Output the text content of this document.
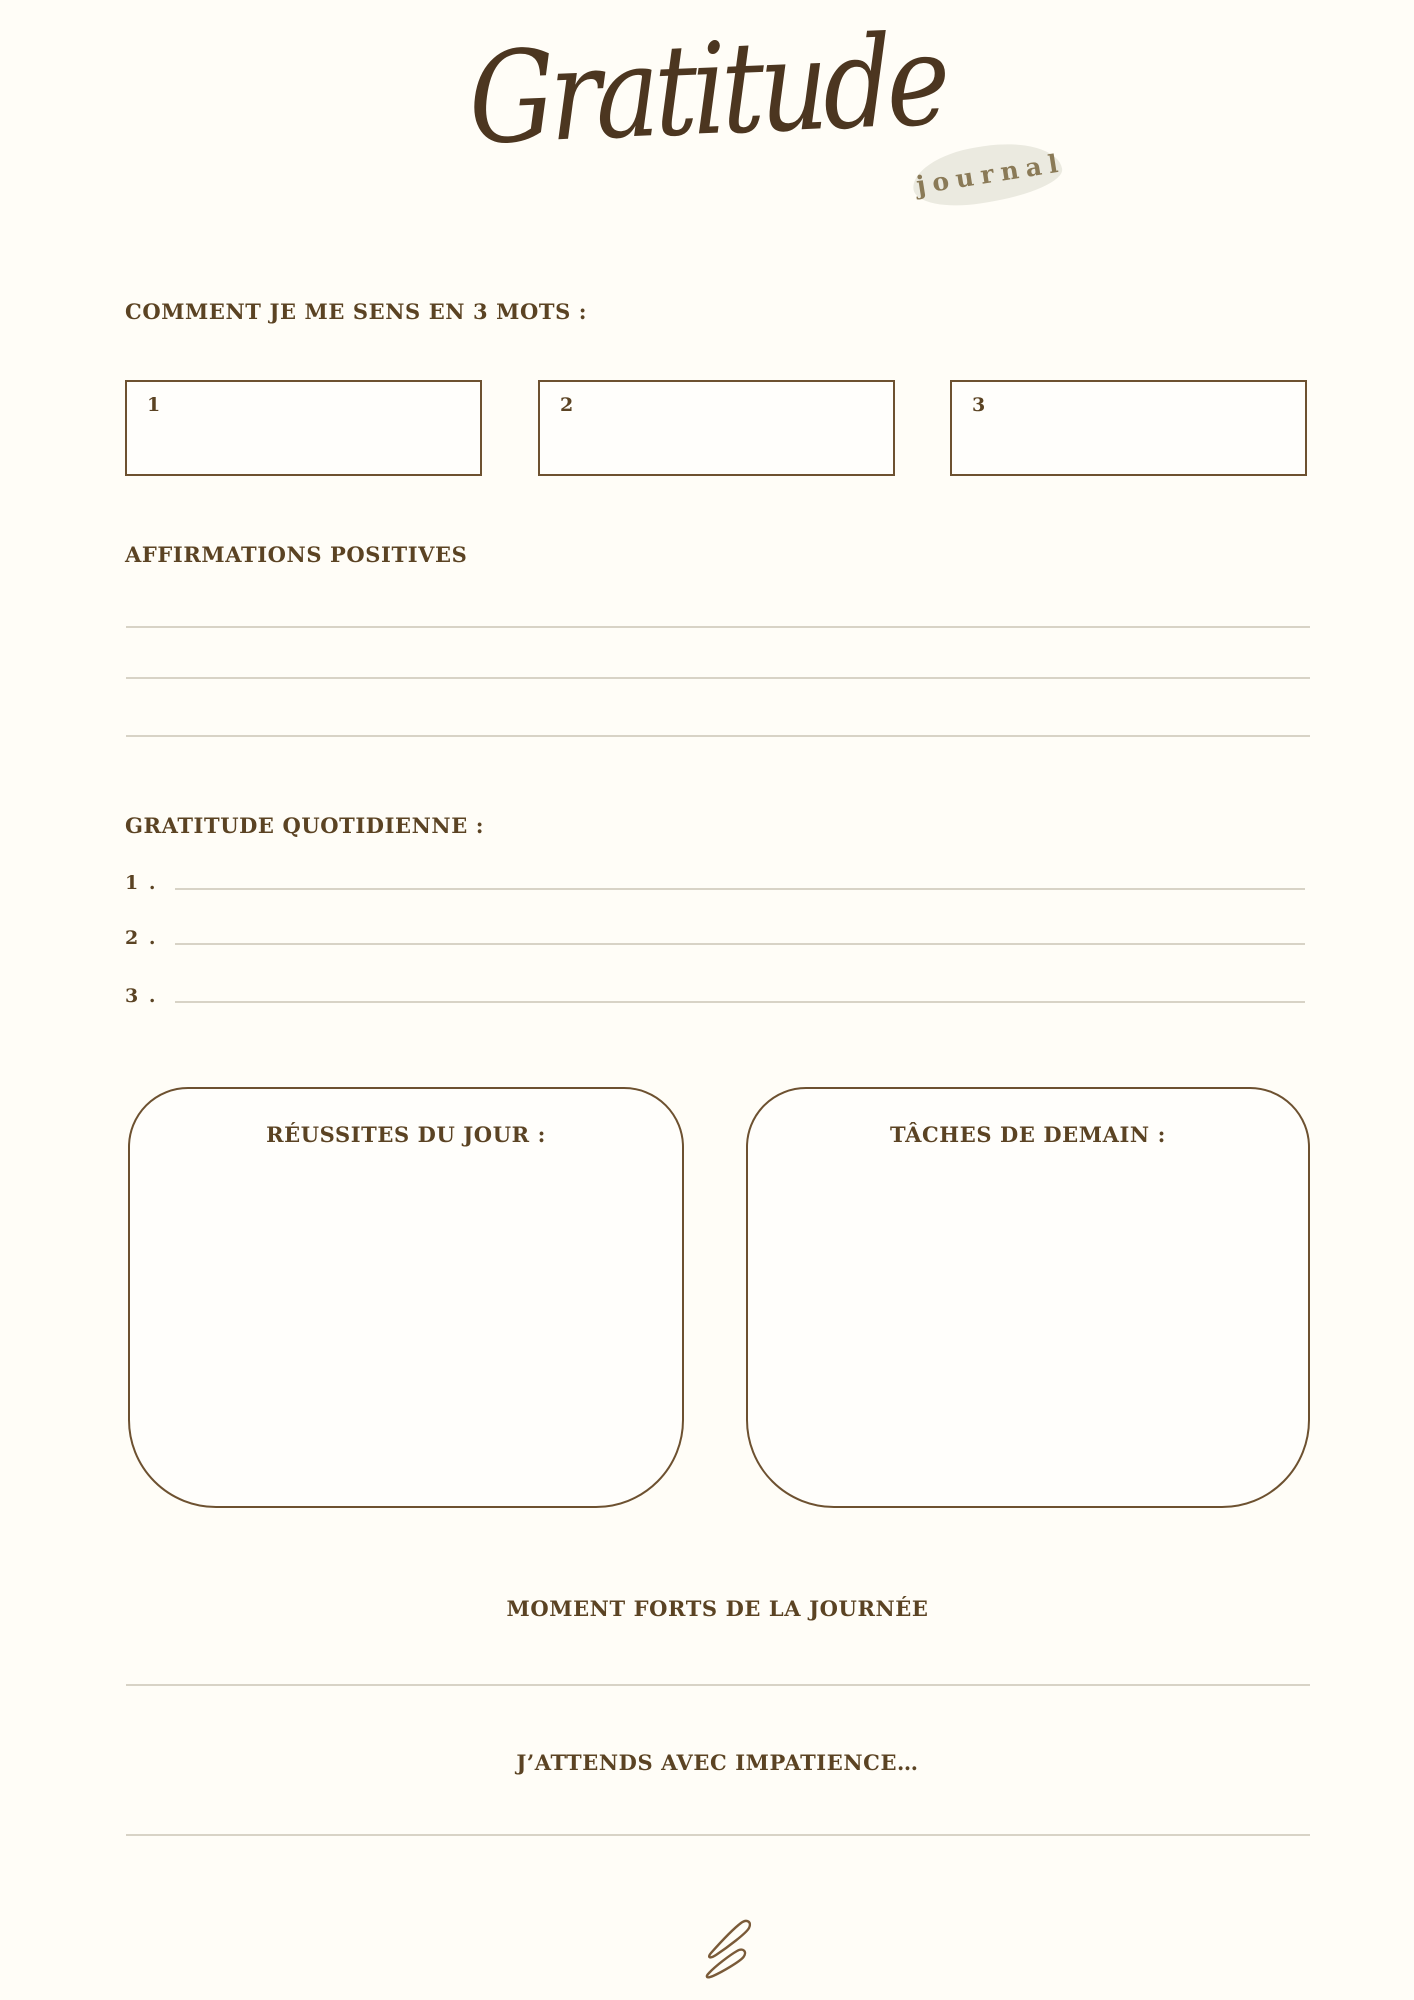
Gratitude
journal
COMMENT JE ME SENS EN 3 MOTS :
1	2	3
AFFIRMATIONS POSITIVES
GRATITUDE QUOTIDIENNE :
1 .
2 .
3 .
RÉUSSITES DU JOUR :	TÂCHES DE DEMAIN :
MOMENT FORTS DE LA JOURNÉE
J’ATTENDS AVEC IMPATIENCE…
